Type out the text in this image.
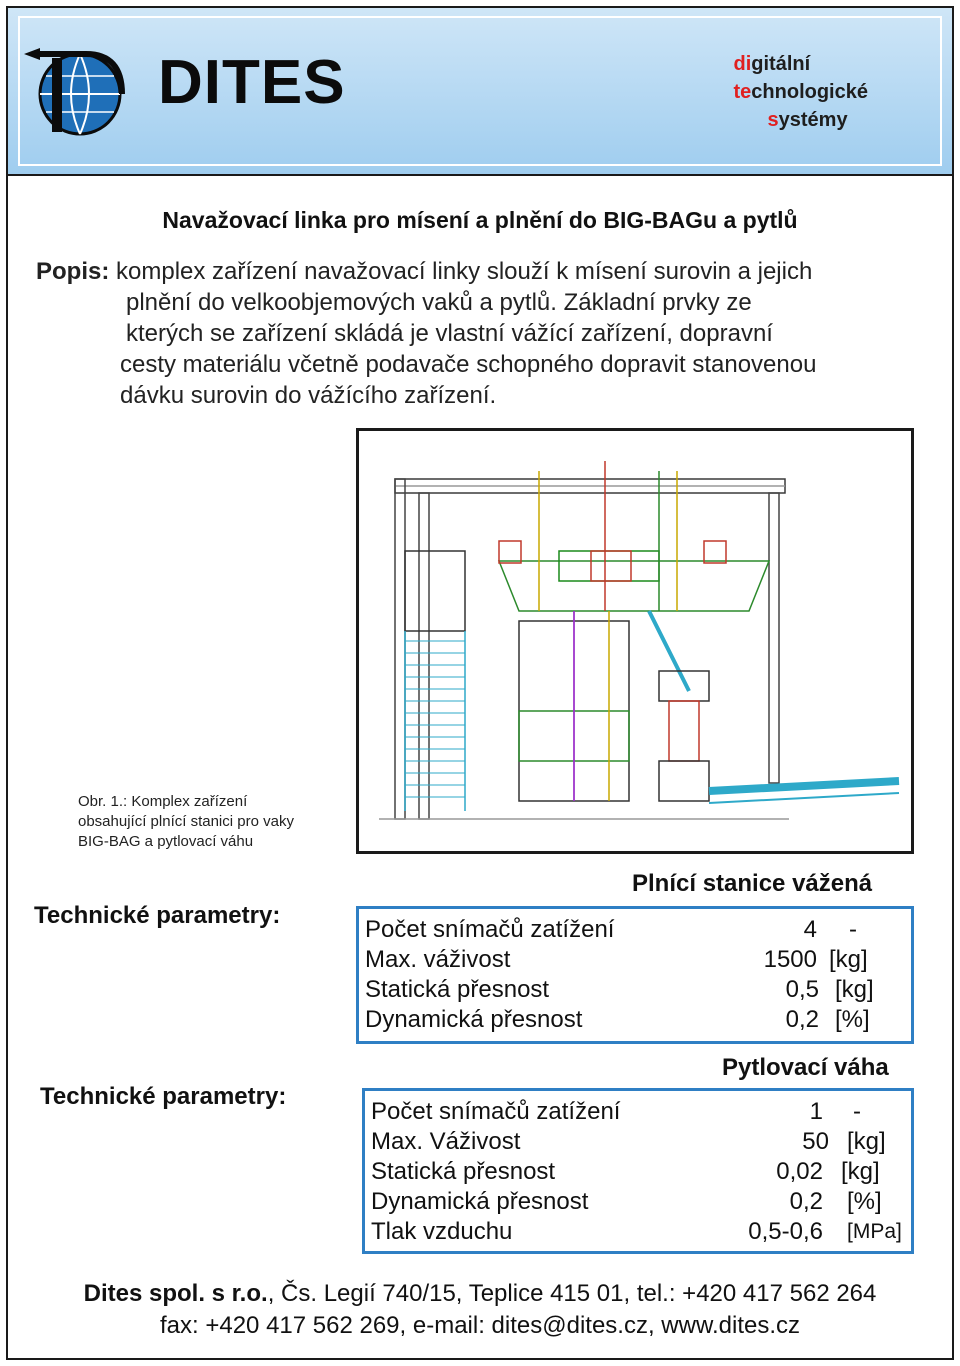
DITES	digitální
technologické
systémy
Navažovací linka pro mísení a plnění do BIG-BAGu a pytlů
Popis: komplex zařízení navažovací linky slouží k mísení surovin a jejich
plnění do velkoobjemových vaků a pytlů. Základní prvky ze
kterých se zařízení skládá je vlastní vážící zařízení, dopravní
cesty materiálu včetně podavače schopného dopravit stanovenou
dávku surovin do vážícího zařízení.
Obr. 1.: Komplex zařízení
obsahující plnící stanici pro vaky
BIG-BAG a pytlovací váhu
Technické parametry:
Plnící stanice vážená
Počet snímačů zatížení	4 -
Max. váživost	1500 [kg]
Statická přesnost	0,5 [kg]
Dynamická přesnost	0,2 [%]
Technické parametry:
Pytlovací váha
Počet snímačů zatížení	1 -
Max. Váživost	50 [kg]
Statická přesnost	0,02 [kg]
Dynamická přesnost	0,2 [%]
Tlak vzduchu	0,5-0,6 [MPa]
Dites spol. s r.o., Čs. Legií 740/15, Teplice 415 01, tel.: +420 417 562 264
fax: +420 417 562 269, e-mail: dites@dites.cz, www.dites.cz
